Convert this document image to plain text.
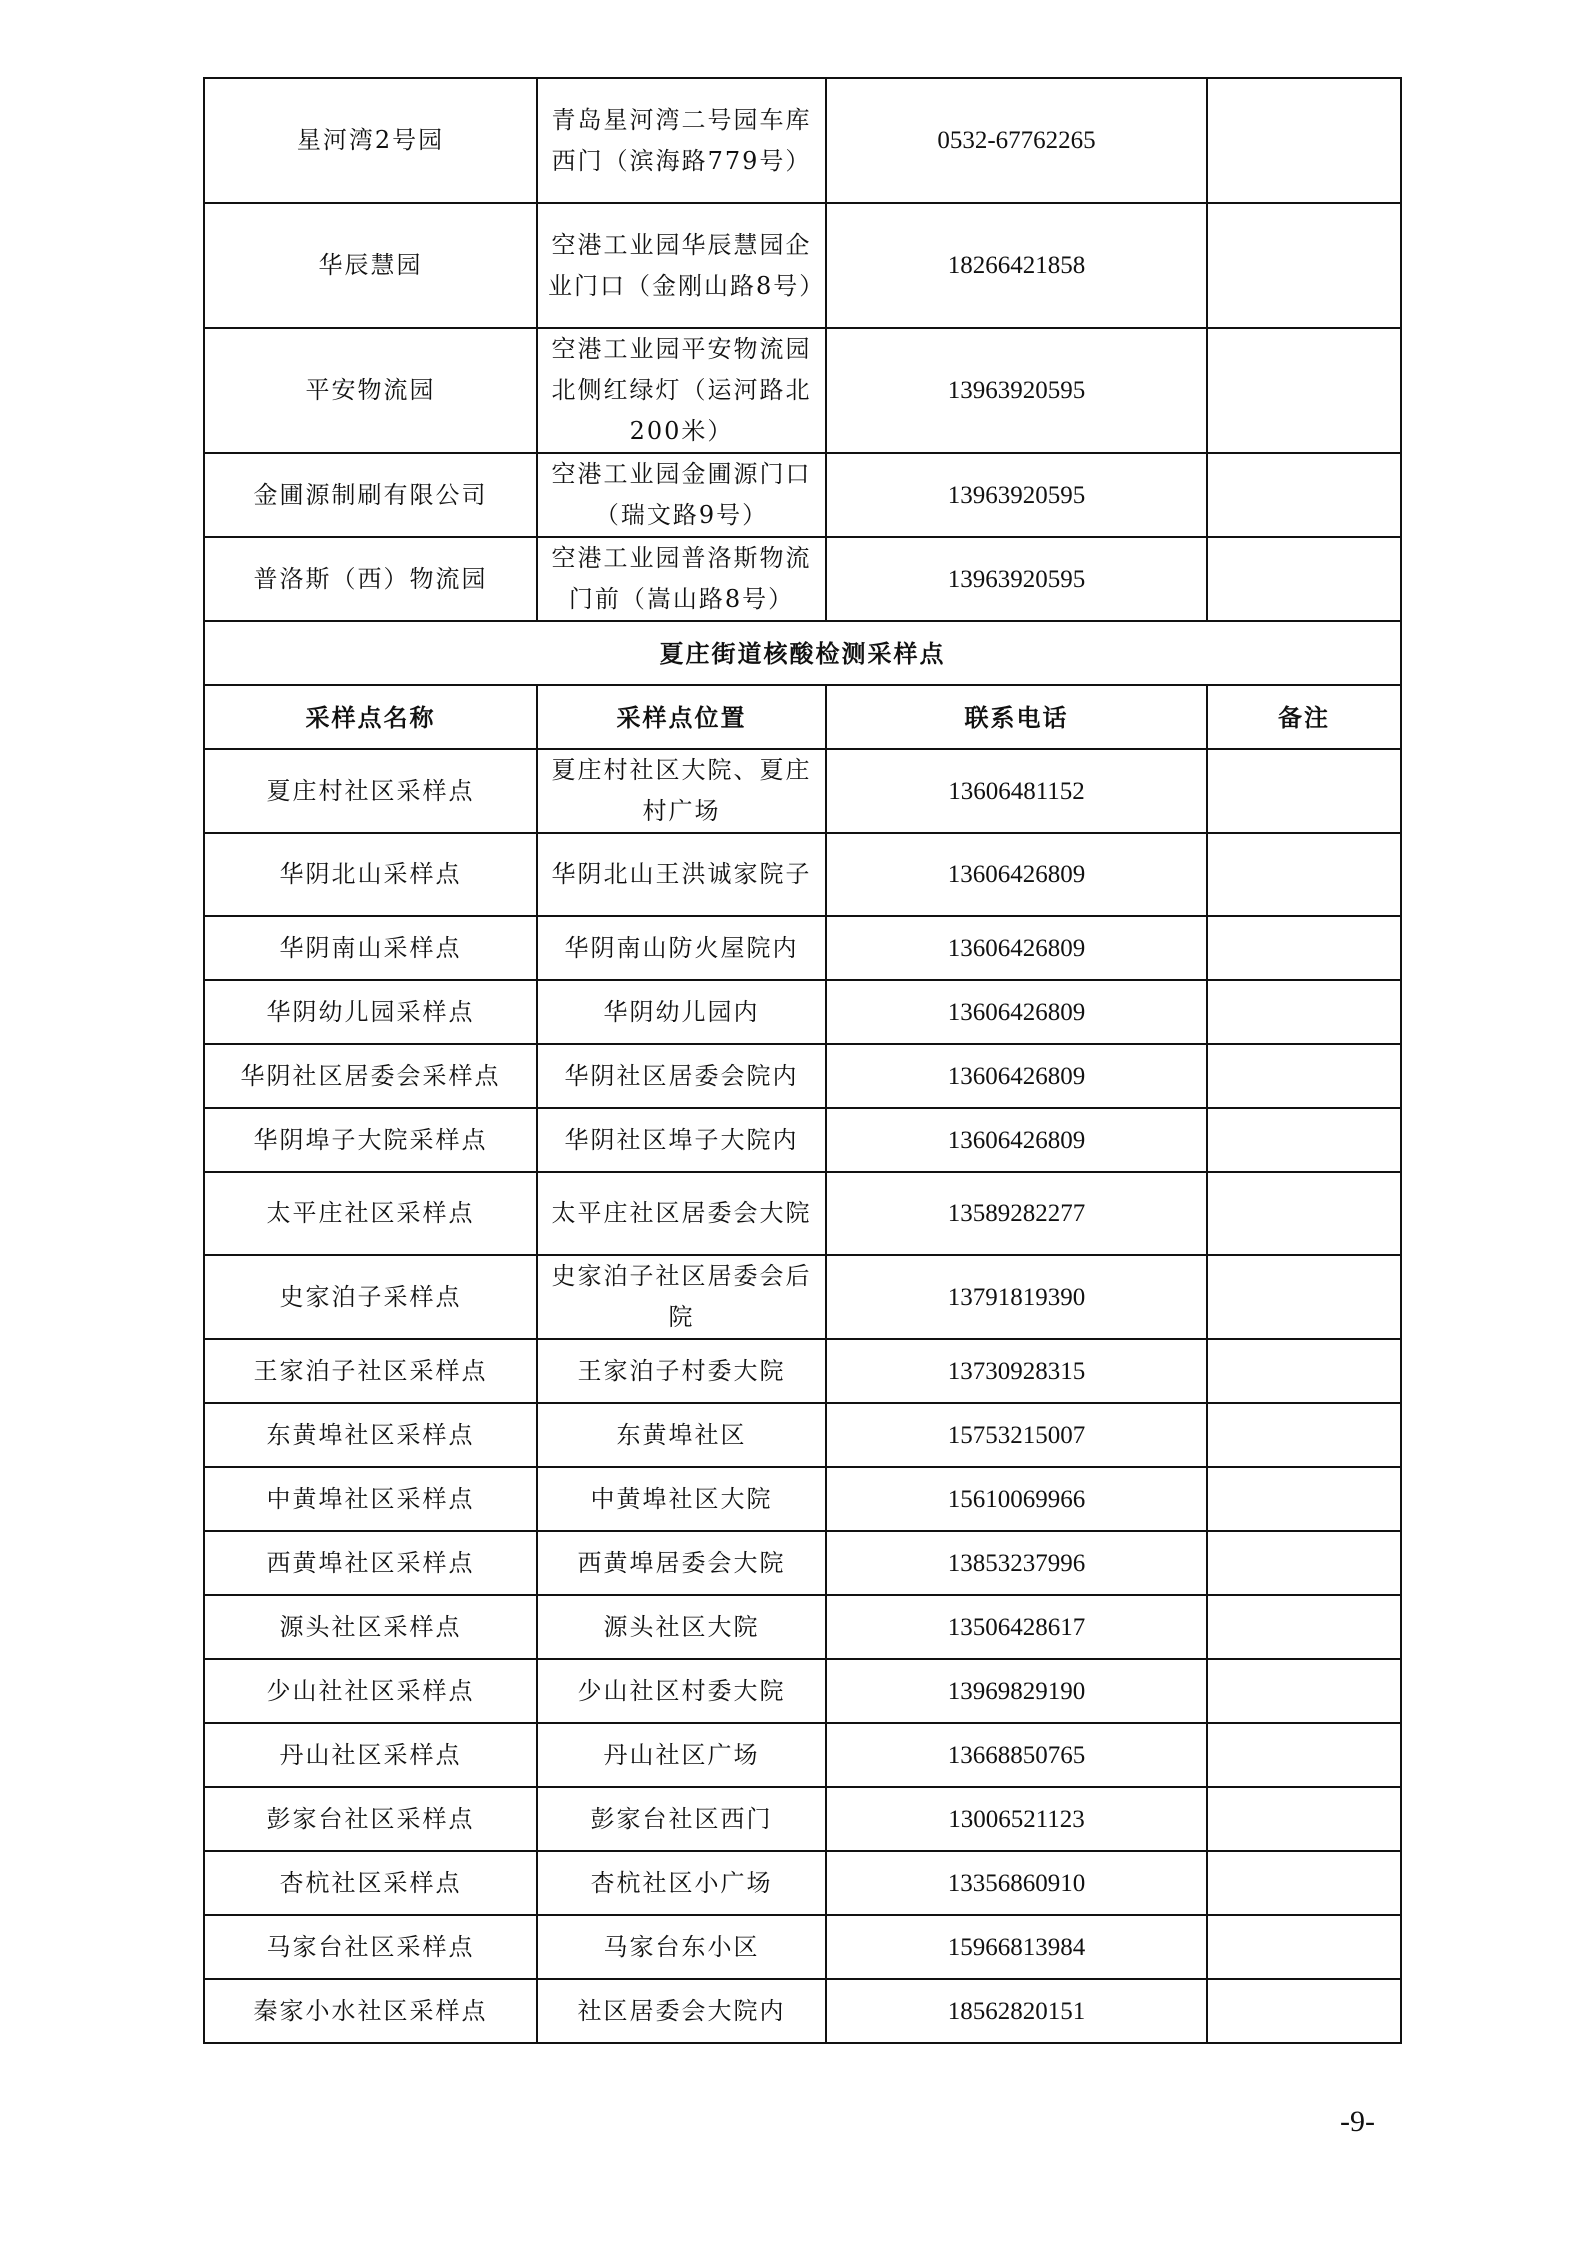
星河湾2号园	青岛星河湾二号园车库西门（滨海路779号）	0532-67762265	
华辰慧园	空港工业园华辰慧园企业门口（金刚山路8号）	18266421858	
平安物流园	空港工业园平安物流园北侧红绿灯（运河路北200米）	13963920595	
金圃源制刷有限公司	空港工业园金圃源门口（瑞文路9号）	13963920595	
普洛斯（西）物流园	空港工业园普洛斯物流门前（嵩山路8号）	13963920595	
夏庄街道核酸检测采样点			
采样点名称	采样点位置	联系电话	备注
夏庄村社区采样点	夏庄村社区大院、夏庄村广场	13606481152	
华阴北山采样点	华阴北山王洪诚家院子	13606426809	
华阴南山采样点	华阴南山防火屋院内	13606426809	
华阴幼儿园采样点	华阴幼儿园内	13606426809	
华阴社区居委会采样点	华阴社区居委会院内	13606426809	
华阴埠子大院采样点	华阴社区埠子大院内	13606426809	
太平庄社区采样点	太平庄社区居委会大院	13589282277	
史家泊子采样点	史家泊子社区居委会后院	13791819390	
王家泊子社区采样点	王家泊子村委大院	13730928315	
东黄埠社区采样点	东黄埠社区	15753215007	
中黄埠社区采样点	中黄埠社区大院	15610069966	
西黄埠社区采样点	西黄埠居委会大院	13853237996	
源头社区采样点	源头社区大院	13506428617	
少山社社区采样点	少山社区村委大院	13969829190	
丹山社区采样点	丹山社区广场	13668850765	
彭家台社区采样点	彭家台社区西门	13006521123	
杏杭社区采样点	杏杭社区小广场	13356860910	
马家台社区采样点	马家台东小区	15966813984	
秦家小水社区采样点	社区居委会大院内	18562820151	
-9-
